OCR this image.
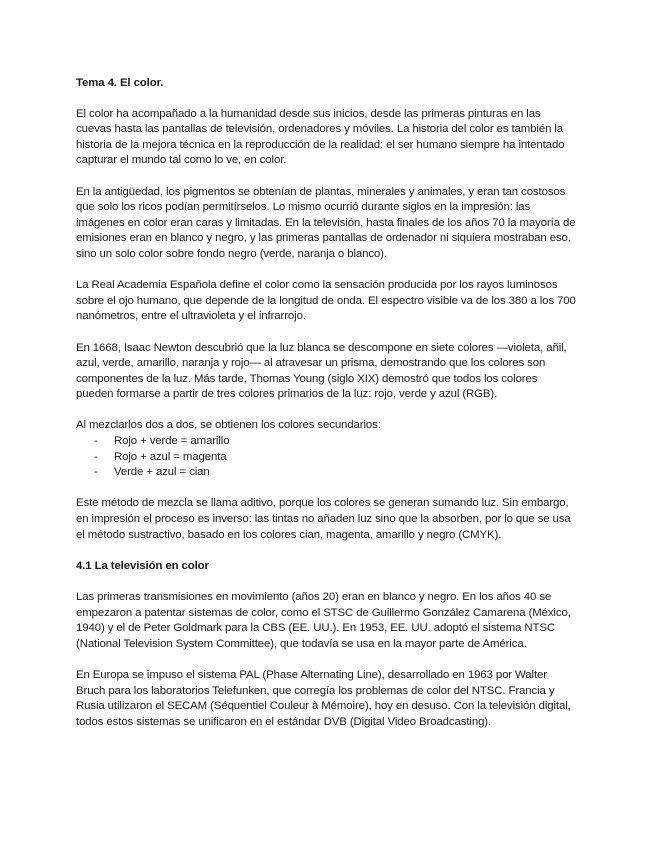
Tema 4. El color.

El color ha acompañado a la humanidad desde sus inicios, desde las primeras pinturas en las cuevas hasta las pantallas de televisión, ordenadores y móviles. La historia del color es también la historia de la mejora técnica en la reproducción de la realidad: el ser humano siempre ha intentado capturar el mundo tal como lo ve, en color.

En la antigüedad, los pigmentos se obtenían de plantas, minerales y animales, y eran tan costosos que solo los ricos podían permitírselos. Lo mismo ocurrió durante siglos en la impresión: las imágenes en color eran caras y limitadas. En la televisión, hasta finales de los años 70 la mayoría de emisiones eran en blanco y negro, y las primeras pantallas de ordenador ni siquiera mostraban eso, sino un solo color sobre fondo negro (verde, naranja o blanco).

La Real Academia Española define el color como la sensación producida por los rayos luminosos sobre el ojo humano, que depende de la longitud de onda. El espectro visible va de los 380 a los 700 nanómetros, entre el ultravioleta y el infrarrojo.

En 1668, Isaac Newton descubrió que la luz blanca se descompone en siete colores —violeta, añil, azul, verde, amarillo, naranja y rojo— al atravesar un prisma, demostrando que los colores son componentes de la luz. Más tarde, Thomas Young (siglo XIX) demostró que todos los colores pueden formarse a partir de tres colores primarios de la luz: rojo, verde y azul (RGB).

Al mezclarlos dos a dos, se obtienen los colores secundarios:

- Rojo + verde = amarillo
- Rojo + azul = magenta
- Verde + azul = cian

Este método de mezcla se llama aditivo, porque los colores se generan sumando luz. Sin embargo, en impresión el proceso es inverso: las tintas no añaden luz sino que la absorben, por lo que se usa el método sustractivo, basado en los colores cian, magenta, amarillo y negro (CMYK).

4.1 La televisión en color

Las primeras transmisiones en movimiento (años 20) eran en blanco y negro. En los años 40 se empezaron a patentar sistemas de color, como el STSC de Guillermo González Camarena (México, 1940) y el de Peter Goldmark para la CBS (EE. UU.). En 1953, EE. UU. adoptó el sistema NTSC (National Television System Committee), que todavía se usa en la mayor parte de América.

En Europa se impuso el sistema PAL (Phase Alternating Line), desarrollado en 1963 por Walter Bruch para los laboratorios Telefunken, que corregía los problemas de color del NTSC. Francia y Rusia utilizaron el SECAM (Séquentiel Couleur à Mémoire), hoy en desuso. Con la televisión digital, todos estos sistemas se unificaron en el estándar DVB (Digital Video Broadcasting).
